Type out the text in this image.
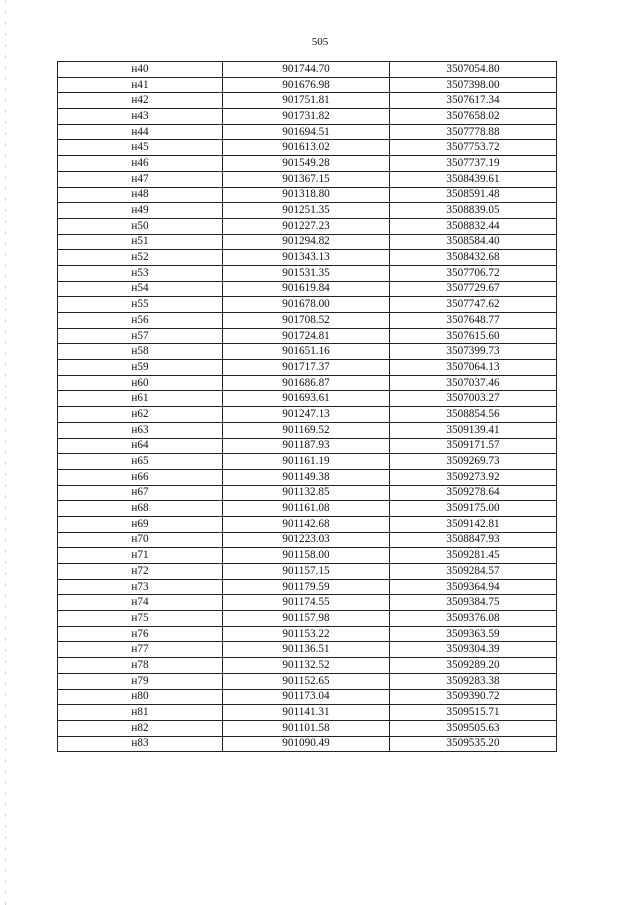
505
н40	901744.70	3507054.80
н41	901676.98	3507398.00
н42	901751.81	3507617.34
н43	901731.82	3507658.02
н44	901694.51	3507778.88
н45	901613.02	3507753.72
н46	901549.28	3507737.19
н47	901367.15	3508439.61
н48	901318.80	3508591.48
н49	901251.35	3508839.05
н50	901227.23	3508832.44
н51	901294.82	3508584.40
н52	901343.13	3508432.68
н53	901531.35	3507706.72
н54	901619.84	3507729.67
н55	901678.00	3507747.62
н56	901708.52	3507648.77
н57	901724.81	3507615.60
н58	901651.16	3507399.73
н59	901717.37	3507064.13
н60	901686.87	3507037.46
н61	901693.61	3507003.27
н62	901247.13	3508854.56
н63	901169.52	3509139.41
н64	901187.93	3509171.57
н65	901161.19	3509269.73
н66	901149.38	3509273.92
н67	901132.85	3509278.64
н68	901161.08	3509175.00
н69	901142.68	3509142.81
н70	901223.03	3508847.93
н71	901158.00	3509281.45
н72	901157.15	3509284.57
н73	901179.59	3509364.94
н74	901174.55	3509384.75
н75	901157.98	3509376.08
н76	901153.22	3509363.59
н77	901136.51	3509304.39
н78	901132.52	3509289.20
н79	901152.65	3509283.38
н80	901173.04	3509390.72
н81	901141.31	3509515.71
н82	901101.58	3509505.63
н83	901090.49	3509535.20
